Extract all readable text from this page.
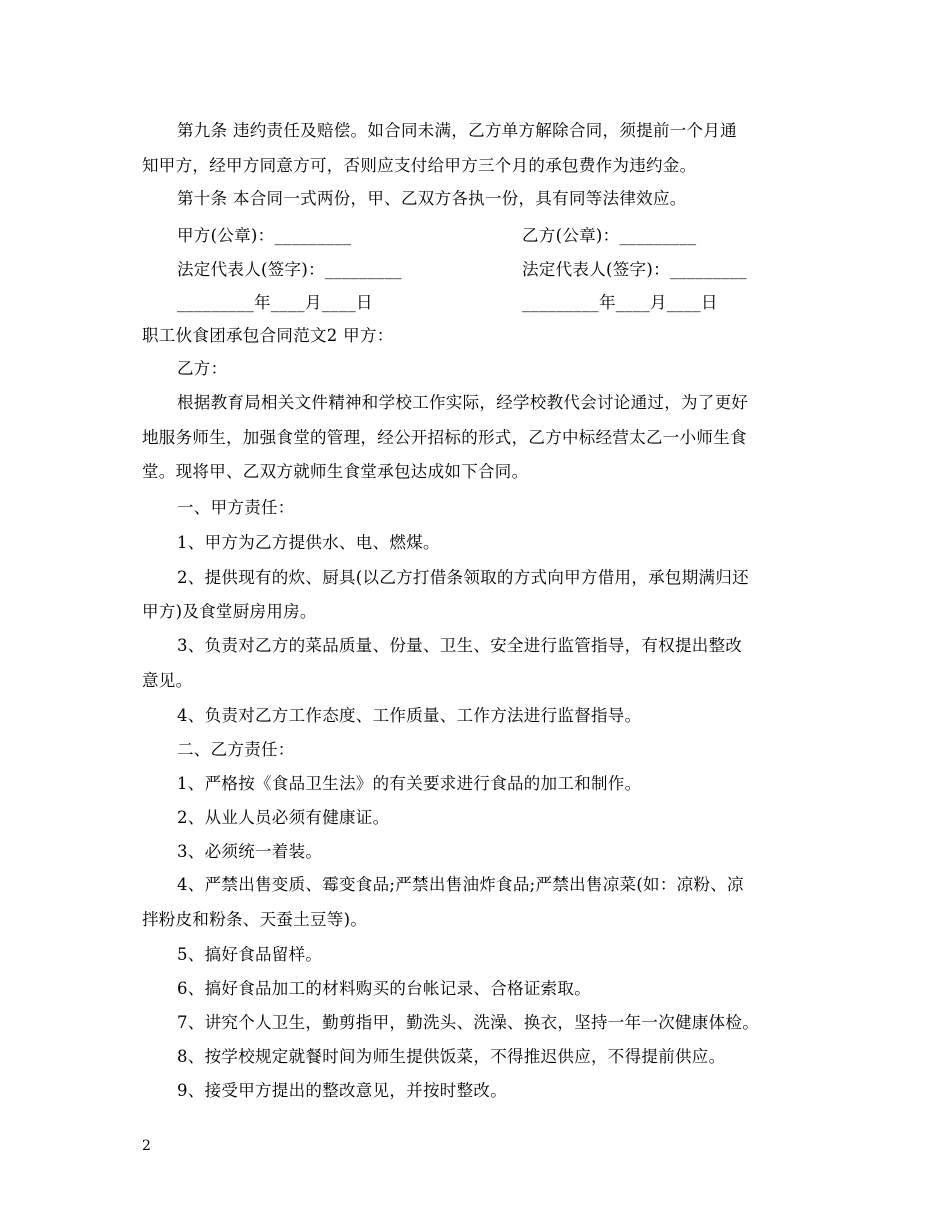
第九条 违约责任及赔偿。如合同未满，乙方单方解除合同，须提前一个月通
知甲方，经甲方同意方可，否则应支付给甲方三个月的承包费作为违约金。
第十条 本合同一式两份，甲、乙双方各执一份，具有同等法律效应。
甲方(公章)：_________	乙方(公章)：_________
法定代表人(签字)：_________	法定代表人(签字)：_________
_________年____月____日	_________年____月____日
职工伙食团承包合同范文2 甲方：
乙方：
根据教育局相关文件精神和学校工作实际，经学校教代会讨论通过，为了更好
地服务师生，加强食堂的管理，经公开招标的形式，乙方中标经营太乙一小师生食
堂。现将甲、乙双方就师生食堂承包达成如下合同。
一、甲方责任：
1、甲方为乙方提供水、电、燃煤。
2、提供现有的炊、厨具(以乙方打借条领取的方式向甲方借用，承包期满归还
甲方)及食堂厨房用房。
3、负责对乙方的菜品质量、份量、卫生、安全进行监管指导，有权提出整改
意见。
4、负责对乙方工作态度、工作质量、工作方法进行监督指导。
二、乙方责任：
1、严格按《食品卫生法》的有关要求进行食品的加工和制作。
2、从业人员必须有健康证。
3、必须统一着装。
4、严禁出售变质、霉变食品;严禁出售油炸食品;严禁出售凉菜(如：凉粉、凉
拌粉皮和粉条、天蚕土豆等)。
5、搞好食品留样。
6、搞好食品加工的材料购买的台帐记录、合格证索取。
7、讲究个人卫生，勤剪指甲，勤洗头、洗澡、换衣，坚持一年一次健康体检。
8、按学校规定就餐时间为师生提供饭菜，不得推迟供应，不得提前供应。
9、接受甲方提出的整改意见，并按时整改。
2
